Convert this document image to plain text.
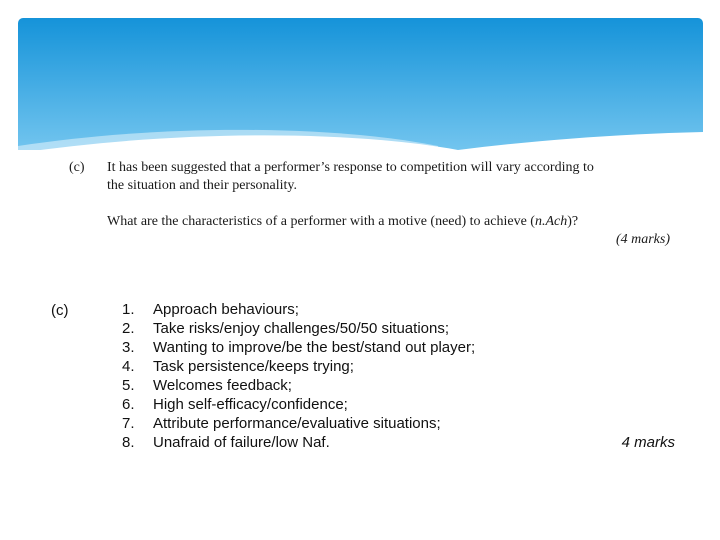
(c) It has been suggested that a performer’s response to competition will vary according to
the situation and their personality.
What are the characteristics of a performer with a motive (need) to achieve (n.Ach)?
(4 marks)
(c)	1. Approach behaviours;
2. Take risks/enjoy challenges/50/50 situations;
3. Wanting to improve/be the best/stand out player;
4. Task persistence/keeps trying;
5. Welcomes feedback;
6. High self-efficacy/confidence;
7. Attribute performance/evaluative situations;
8. Unafraid of failure/low Naf.	4 marks
